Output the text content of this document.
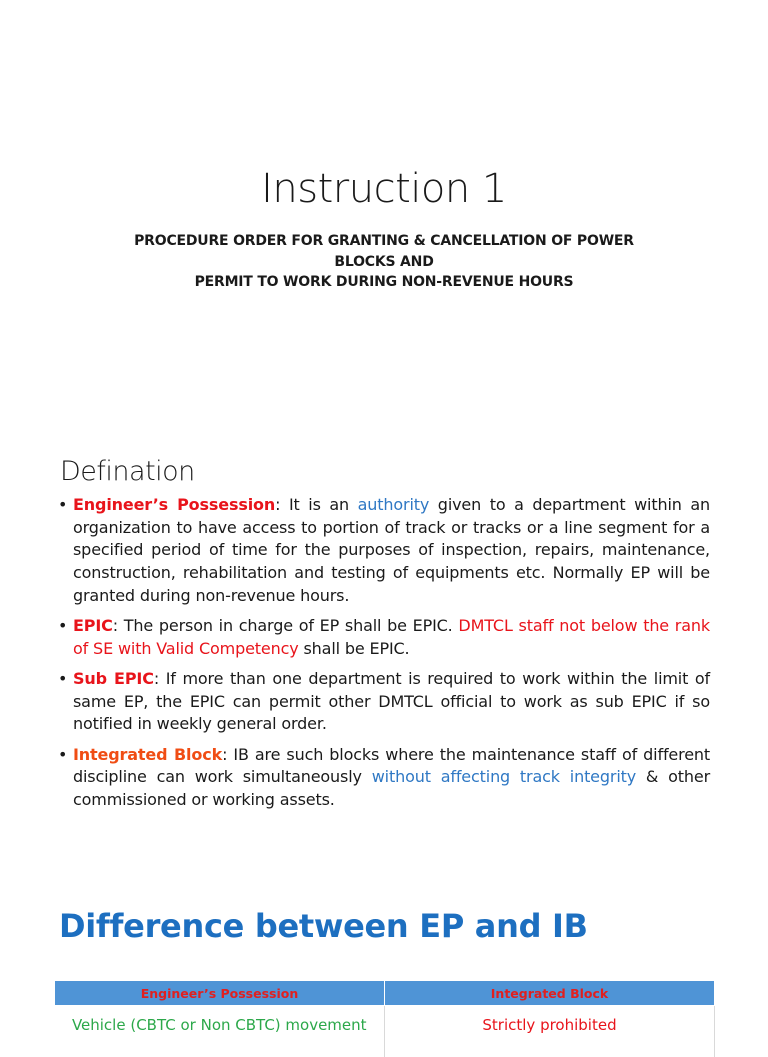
Instruction 1
PROCEDURE ORDER FOR GRANTING & CANCELLATION OF POWER
BLOCKS AND
PERMIT TO WORK DURING NON-REVENUE HOURS
Defination
• Engineer’s Possession: It is an authority given to a department within an organization to have access to portion of track or tracks or a line segment for a specified period of time for the purposes of inspection, repairs, maintenance, construction, rehabilitation and testing of equipments etc. Normally EP will be granted during non-revenue hours.
• EPIC: The person in charge of EP shall be EPIC. DMTCL staff not below the rank of SE with Valid Competency shall be EPIC.
• Sub EPIC: If more than one department is required to work within the limit of same EP, the EPIC can permit other DMTCL official to work as sub EPIC if so notified in weekly general order.
• Integrated Block: IB are such blocks where the maintenance staff of different discipline can work simultaneously without affecting track integrity & other commissioned or working assets.
Difference between EP and IB
Engineer’s Possession	Integrated Block
Vehicle (CBTC or Non CBTC) movement	Strictly prohibited
